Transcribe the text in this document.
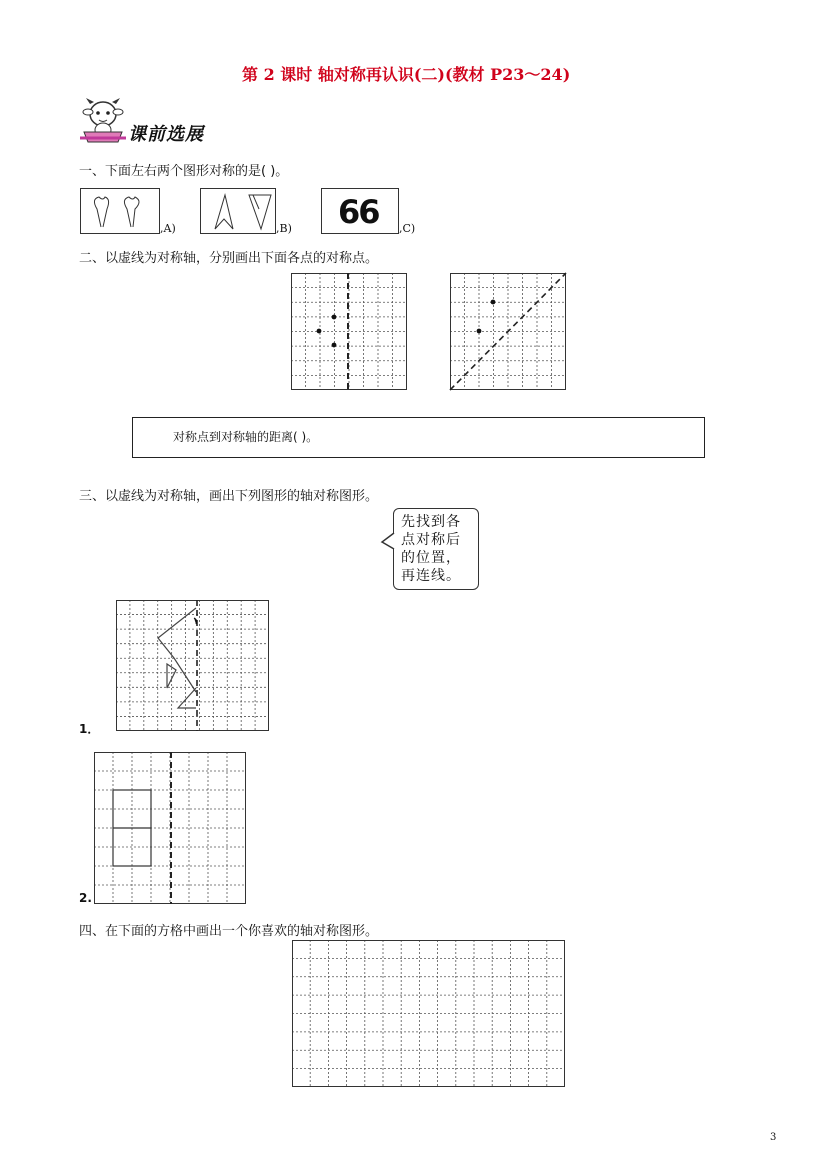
第 2 课时 轴对称再认识(二)(教材 P23～24)
课前选展
一、下面左右两个图形对称的是( )。
,A)	,B) 66 ,C)
二、以虚线为对称轴，分别画出下面各点的对称点。
对称点到对称轴的距离( )。
三、以虚线为对称轴，画出下列图形的轴对称图形。
先找到各点对称后的位置，再连线。
1．
2.
四、在下面的方格中画出一个你喜欢的轴对称图形。
3
